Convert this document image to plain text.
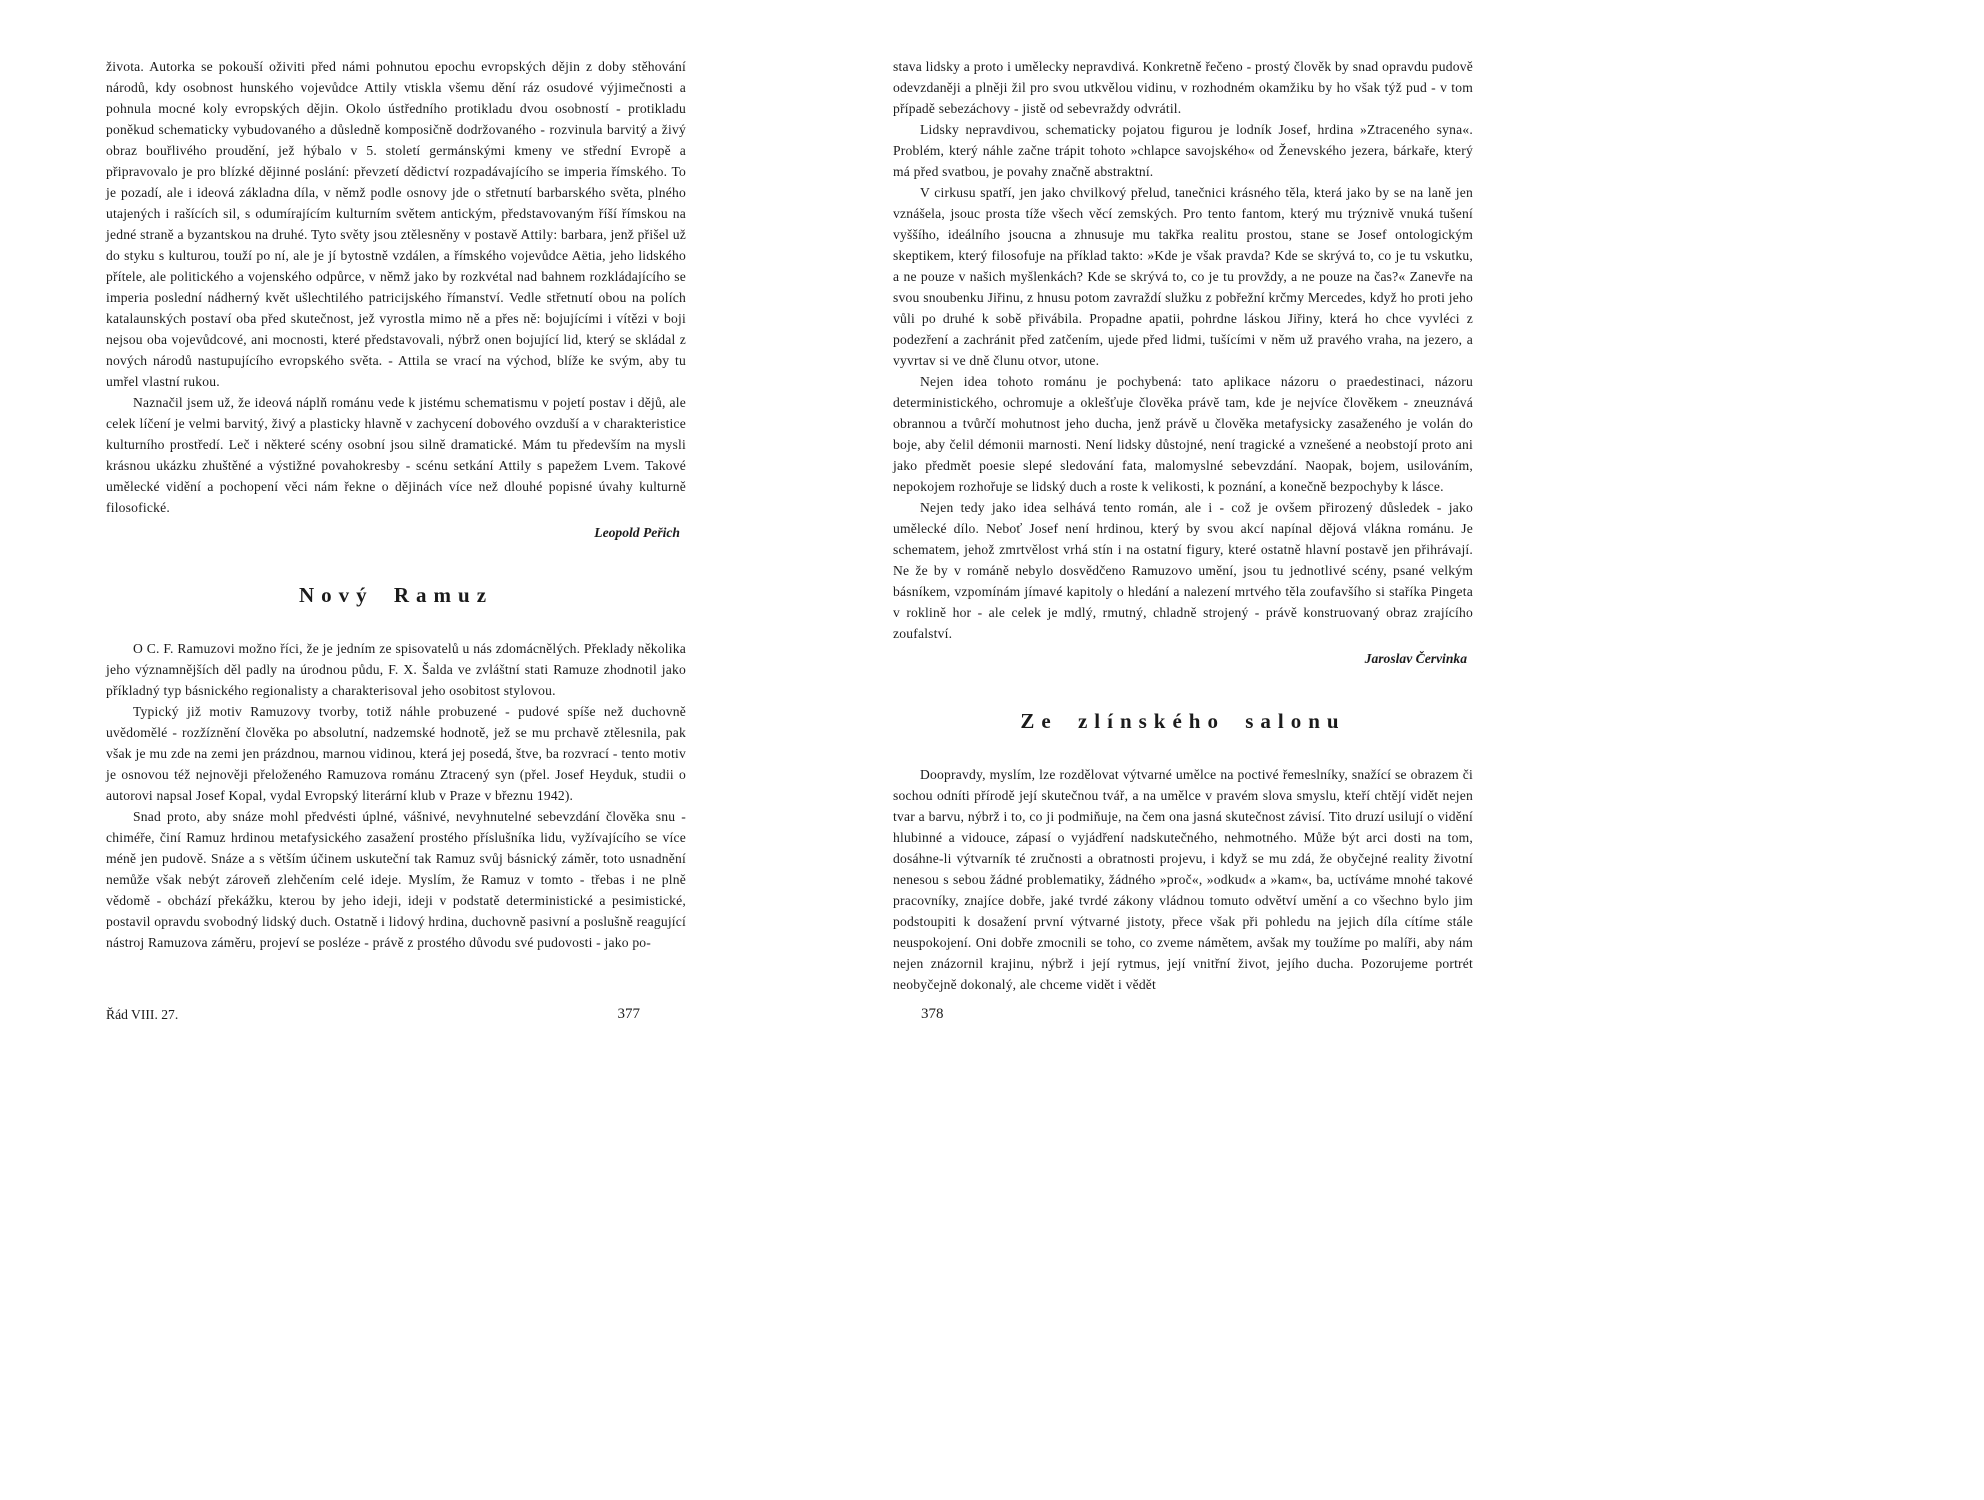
života. Autorka se pokouší oživiti před námi pohnutou epochu evropských dějin z doby stěhování národů, kdy osobnost hunského vojevůdce Attily vtiskla všemu dění ráz osudové výjimečnosti a pohnula mocné koly evropských dějin. Okolo ústředního protikladu dvou osobností - protikladu poněkud schematicky vybudovaného a důsledně komposičně dodržovaného - rozvinula barvitý a živý obraz bouřlivého proudění, jež hýbalo v 5. století germánskými kmeny ve střední Evropě a připravovalo je pro blízké dějinné poslání: převzetí dědictví rozpadávajícího se imperia římského. To je pozadí, ale i ideová základna díla, v němž podle osnovy jde o střetnutí barbarského světa, plného utajených i rašících sil, s odumírajícím kulturním světem antickým, představovaným říší římskou na jedné straně a byzantskou na druhé. Tyto světy jsou ztělesněny v postavě Attily: barbara, jenž přišel už do styku s kulturou, touží po ní, ale je jí bytostně vzdálen, a římského vojevůdce Aëtia, jeho lidského přítele, ale politického a vojenského odpůrce, v němž jako by rozkvétal nad bahnem rozkládajícího se imperia poslední nádherný květ ušlechtilého patricijského římanství. Vedle střetnutí obou na polích katalaunských postaví oba před skutečnost, jež vyrostla mimo ně a přes ně: bojujícími i vítězi v boji nejsou oba vojevůdcové, ani mocnosti, které představovali, nýbrž onen bojující lid, který se skládal z nových národů nastupujícího evropského světa. - Attila se vrací na východ, blíže ke svým, aby tu umřel vlastní rukou.

Naznačil jsem už, že ideová náplň románu vede k jistému schematismu v pojetí postav i dějů, ale celek líčení je velmi barvitý, živý a plasticky hlavně v zachycení dobového ovzduší a v charakteristice kulturního prostředí. Leč i některé scény osobní jsou silně dramatické. Mám tu především na mysli krásnou ukázku zhuštěné a výstižné povahokresby - scénu setkání Attily s papežem Lvem. Takové umělecké vidění a pochopení věci nám řekne o dějinách více než dlouhé popisné úvahy kulturně filosofické.

Leopold Peřich

Nový Ramuz

O C. F. Ramuzovi možno říci, že je jedním ze spisovatelů u nás zdomácnělých. Překlady několika jeho významnějších děl padly na úrodnou půdu, F. X. Šalda ve zvláštní stati Ramuze zhodnotil jako příkladný typ básnického regionalisty a charakterisoval jeho osobitost stylovou.

Typický již motiv Ramuzovy tvorby, totiž náhle probuzené - pudové spíše než duchovně uvědomělé - rozžíznění člověka po absolutní, nadzemské hodnotě, jež se mu prchavě ztělesnila, pak však je mu zde na zemi jen prázdnou, marnou vidinou, která jej posedá, štve, ba rozvrací - tento motiv je osnovou též nejnověji přeloženého Ramuzova románu Ztracený syn (přel. Josef Heyduk, studii o autorovi napsal Josef Kopal, vydal Evropský literární klub v Praze v březnu 1942).

Snad proto, aby snáze mohl předvésti úplné, vášnivé, nevyhnutelné sebevzdání člověka snu - chiméře, činí Ramuz hrdinou metafysického zasažení prostého příslušníka lidu, vyžívajícího se více méně jen pudově. Snáze a s větším účinem uskuteční tak Ramuz svůj básnický záměr, toto usnadnění nemůže však nebýt zároveň zlehčením celé ideje. Myslím, že Ramuz v tomto - třebas i ne plně vědomě - obchází překážku, kterou by jeho ideji, ideji v podstatě deterministické a pesimistické, postavil opravdu svobodný lidský duch. Ostatně i lidový hrdina, duchovně pasivní a poslušně reagující nástroj Ramuzova záměru, projeví se posléze - právě z prostého důvodu své pudovosti - jako po-

Řád VIII. 27.	377

stava lidsky a proto i umělecky nepravdivá. Konkretně řečeno - prostý člověk by snad opravdu pudově odevzdaněji a plněji žil pro svou utkvělou vidinu, v rozhodném okamžiku by ho však týž pud - v tom případě sebezáchovy - jistě od sebevraždy odvrátil.

Lidsky nepravdivou, schematicky pojatou figurou je lodník Josef, hrdina »Ztraceného syna«. Problém, který náhle začne trápit tohoto »chlapce savojského« od Ženevského jezera, bárkaře, který má před svatbou, je povahy značně abstraktní.

V cirkusu spatří, jen jako chvilkový přelud, tanečnici krásného těla, která jako by se na laně jen vznášela, jsouc prosta tíže všech věcí zemských. Pro tento fantom, který mu trýznivě vnuká tušení vyššího, ideálního jsoucna a zhnusuje mu takřka realitu prostou, stane se Josef ontologickým skeptikem, který filosofuje na příklad takto: »Kde je však pravda? Kde se skrývá to, co je tu vskutku, a ne pouze v našich myšlenkách? Kde se skrývá to, co je tu provždy, a ne pouze na čas?« Zanevře na svou snoubenku Jiřinu, z hnusu potom zavraždí služku z pobřežní krčmy Mercedes, když ho proti jeho vůli po druhé k sobě přivábila. Propadne apatii, pohrdne láskou Jiřiny, která ho chce vyvléci z podezření a zachránit před zatčením, ujede před lidmi, tušícími v něm už pravého vraha, na jezero, a vyvrtav si ve dně člunu otvor, utone.

Nejen idea tohoto románu je pochybená: tato aplikace názoru o praedestinaci, názoru deterministického, ochromuje a oklešťuje člověka právě tam, kde je nejvíce člověkem - zneuznává obrannou a tvůrčí mohutnost jeho ducha, jenž právě u člověka metafysicky zasaženého je volán do boje, aby čelil démonii marnosti. Není lidsky důstojné, není tragické a vznešené a neobstojí proto ani jako předmět poesie slepé sledování fata, malomyslné sebevzdání. Naopak, bojem, usilováním, nepokojem rozhořuje se lidský duch a roste k velikosti, k poznání, a konečně bezpochyby k lásce.

Nejen tedy jako idea selhává tento román, ale i - což je ovšem přirozený důsledek - jako umělecké dílo. Neboť Josef není hrdinou, který by svou akcí napínal dějová vlákna románu. Je schematem, jehož zmrtvělost vrhá stín i na ostatní figury, které ostatně hlavní postavě jen přihrávají. Ne že by v románě nebylo dosvědčeno Ramuzovo umění, jsou tu jednotlivé scény, psané velkým básníkem, vzpomínám jímavé kapitoly o hledání a nalezení mrtvého těla zoufavšího si staříka Pingeta v roklině hor - ale celek je mdlý, rmutný, chladně strojený - právě konstruovaný obraz zrajícího zoufalství.

Jaroslav Červinka

Ze zlínského salonu

Doopravdy, myslím, lze rozdělovat výtvarné umělce na poctivé řemeslníky, snažící se obrazem či sochou odníti přírodě její skutečnou tvář, a na umělce v pravém slova smyslu, kteří chtějí vidět nejen tvar a barvu, nýbrž i to, co ji podmiňuje, na čem ona jasná skutečnost závisí. Tito druzí usilují o vidění hlubinné a vidouce, zápasí o vyjádření nadskutečného, nehmotného. Může být arci dosti na tom, dosáhne-li výtvarník té zručnosti a obratnosti projevu, i když se mu zdá, že obyčejné reality životní nenesou s sebou žádné problematiky, žádného »proč«, »odkud« a »kam«, ba, uctíváme mnohé takové pracovníky, znajíce dobře, jaké tvrdé zákony vládnou tomuto odvětví umění a co všechno bylo jim podstoupiti k dosažení první výtvarné jistoty, přece však při pohledu na jejich díla cítíme stále neuspokojení. Oni dobře zmocnili se toho, co zveme námětem, avšak my toužíme po malíři, aby nám nejen znázornil krajinu, nýbrž i její rytmus, její vnitřní život, jejího ducha. Pozorujeme portrét neobyčejně dokonalý, ale chceme vidět i vědět

378
